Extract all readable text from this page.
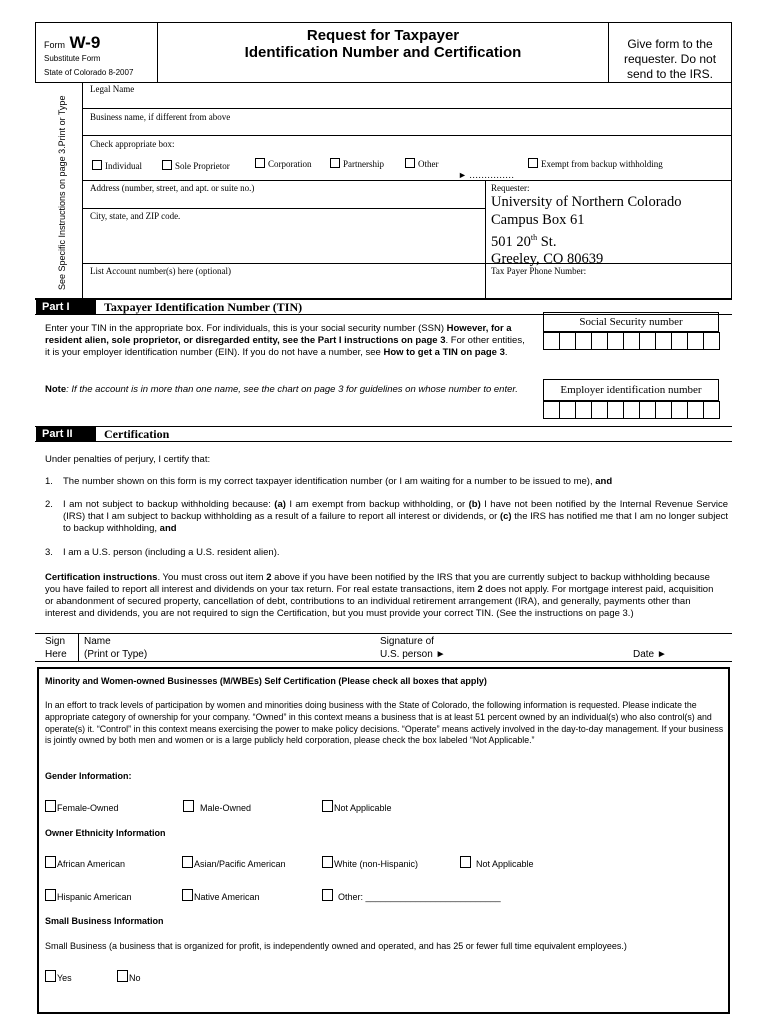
Form W-9
Substitute Form
State of Colorado 8-2007
Request for Taxpayer
Identification Number and Certification	Give form to the requester. Do not send to the IRS.
See Specific Instructions on page 3.Print or Type
Legal Name
Business name, if different from above
Check appropriate box:
Individual	Sole Proprietor	Corporation	Partnership	Other
► ……………
Exempt from backup withholding
Address (number, street, and apt. or suite no.)
City, state, and ZIP code.
List Account number(s) here (optional)
Requester:
University of Northern Colorado
Campus Box 61
501 20th St.
Greeley, CO 80639
Tax Payer Phone Number:
Part I	Taxpayer Identification Number (TIN)
Enter your TIN in the appropriate box. For individuals, this is your social security number (SSN) However, for a resident alien, sole proprietor, or disregarded entity, see the Part I instructions on page 3. For other entities, it is your employer identification number (EIN). If you do not have a number, see How to get a TIN on page 3.
Note: If the account is in more than one name, see the chart on page 3 for guidelines on whose number to enter.
Social Security number
Employer identification number
Part II	Certification
Under penalties of perjury, I certify that:
1. The number shown on this form is my correct taxpayer identification number (or I am waiting for a number to be issued to me), and
2. I am not subject to backup withholding because: (a) I am exempt from backup withholding, or (b) I have not been notified by the Internal Revenue Service (IRS) that I am subject to backup withholding as a result of a failure to report all interest or dividends, or (c) the IRS has notified me that I am no longer subject to backup withholding, and
3. I am a U.S. person (including a U.S. resident alien).
Certification instructions. You must cross out item 2 above if you have been notified by the IRS that you are currently subject to backup withholding because you have failed to report all interest and dividends on your tax return. For real estate transactions, item 2 does not apply. For mortgage interest paid, acquisition or abandonment of secured property, cancellation of debt, contributions to an individual retirement arrangement (IRA), and generally, payments other than interest and dividends, you are not required to sign the Certification, but you must provide your correct TIN. (See the instructions on page 3.)
Sign
Here
Name
(Print or Type)
Signature of
U.S. person ►	Date ►
Minority and Women-owned Businesses (M/WBEs) Self Certification (Please check all boxes that apply)
In an effort to track levels of participation by women and minorities doing business with the State of Colorado, the following information is requested. Please indicate the appropriate category of ownership for your company. “Owned” in this context means a business that is at least 51 percent owned by an individual(s) who also control(s) and operate(s) it. “Control” in this context means exercising the power to make policy decisions. “Operate” means actively involved in the day-to-day management. If your business is jointly owned by both men and women or is a large publicly held corporation, please check the box labeled “Not Applicable.”
Gender Information:
Female-Owned	Male-Owned	Not Applicable
Owner Ethnicity Information
African American	Asian/Pacific American	White (non-Hispanic)	Not Applicable
Hispanic American	Native American	Other: ___________________________
Small Business Information
Small Business (a business that is organized for profit, is independently owned and operated, and has 25 or fewer full time equivalent employees.)
Yes	No
